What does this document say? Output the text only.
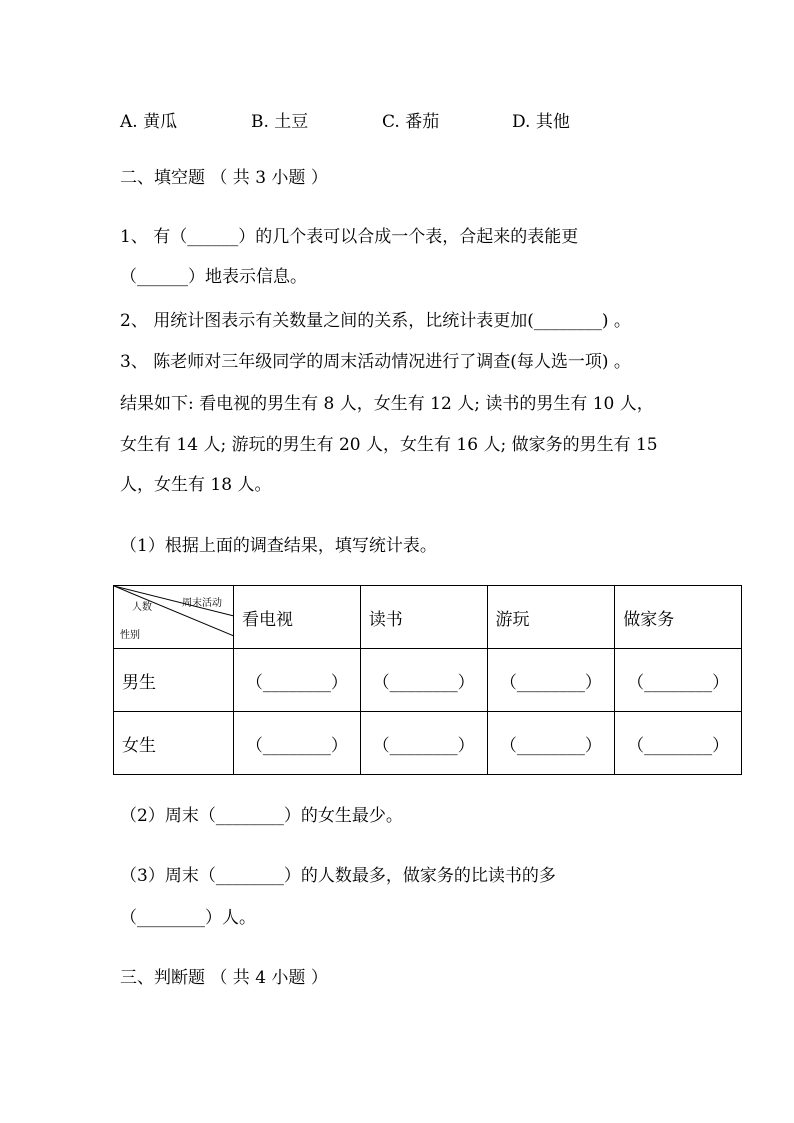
A. 黄瓜	B. 土豆	C. 番茄	D. 其他
二、填空题 （ 共 3 小题 ）
1、 有（______）的几个表可以合成一个表，合起来的表能更
（______）地表示信息。
2、 用统计图表示有关数量之间的关系，比统计表更加(________) 。
3、 陈老师对三年级同学的周末活动情况进行了调查(每人选一项) 。
结果如下: 看电视的男生有 8 人，女生有 12 人; 读书的男生有 10 人，
女生有 14 人; 游玩的男生有 20 人，女生有 16 人; 做家务的男生有 15
人，女生有 18 人。
（1）根据上面的调查结果，填写统计表。
周末活动
人数
性别	看电视	读书	游玩	做家务
男生	（________）	（________）	（________）	（________）
女生	（________）	（________）	（________）	（________）
（2）周末（________）的女生最少。
（3）周末（________）的人数最多，做家务的比读书的多
（________）人。
三、判断题 （ 共 4 小题 ）
